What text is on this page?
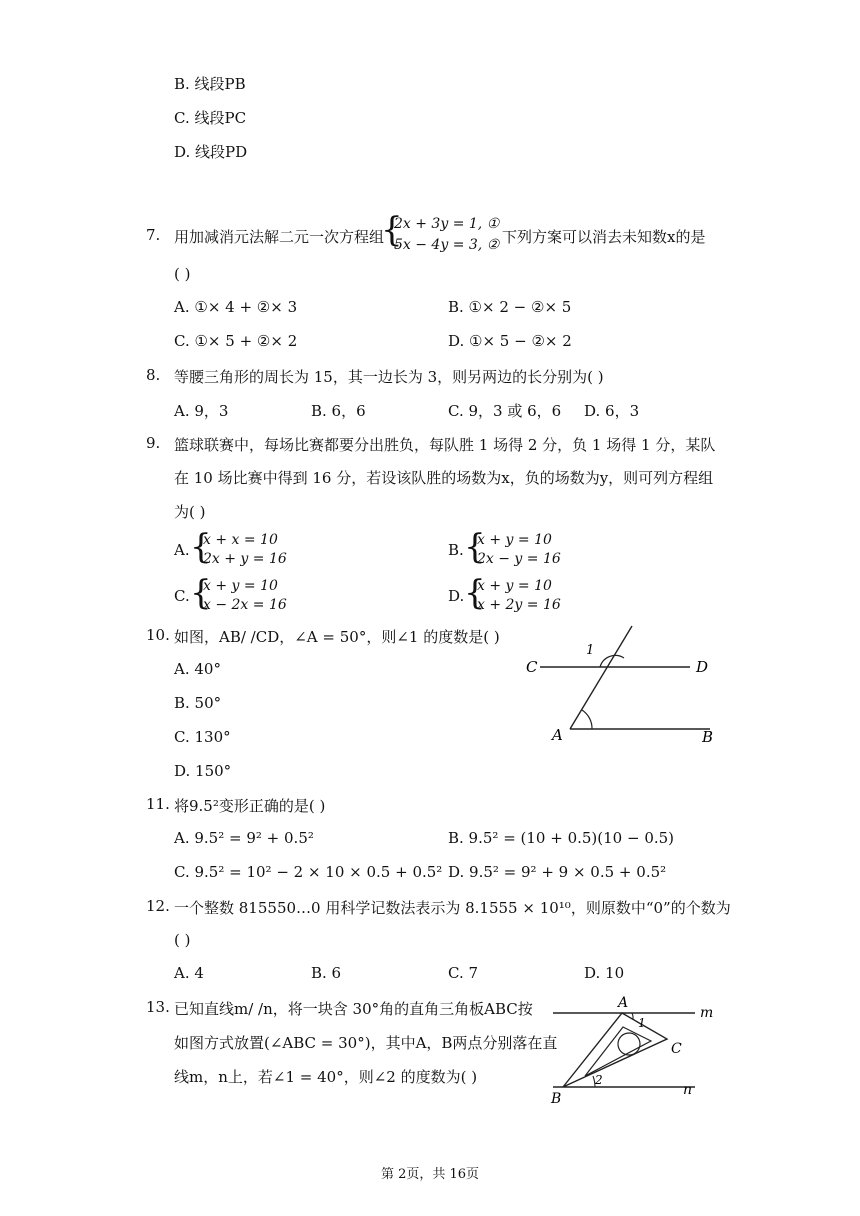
B. 线段PB
C. 线段PC
D. 线段PD
7. 用加减消元法解二元一次方程组
{
2x + 3y = 1, ①
5x − 4y = 3, ② 下列方案可以消去未知数x的是
( )
A. ①× 4 + ②× 3	B. ①× 2 − ②× 5
C. ①× 5 + ②× 2	D. ①× 5 − ②× 2
8. 等腰三角形的周长为 15，其一边长为 3，则另两边的长分别为( )
A. 9，3	B. 6，6	C. 9，3 或 6，6 D. 6，3
9. 篮球联赛中，每场比赛都要分出胜负，每队胜 1 场得 2 分，负 1 场得 1 分，某队
在 10 场比赛中得到 16 分，若设该队胜的场数为x，负的场数为y，则可列方程组
为( )
A. {
x + x = 10
2x + y = 16	B. {
x + y = 10
2x − y = 16
C. {
x + y = 10
x − 2x = 16	D. {
x + y = 10
x + 2y = 16
10. 如图，AB/ /CD，∠A = 50°，则∠1 的度数是( )
A. 40°
B. 50°
C. 130°
D. 150°
C	D
A	B
1
11. 将9.5²变形正确的是( )
A. 9.5² = 9² + 0.5²	B. 9.5² = (10 + 0.5)(10 − 0.5)
C. 9.5² = 10² − 2 × 10 × 0.5 + 0.5² D. 9.5² = 9² + 9 × 0.5 + 0.5²
12. 一个整数 815550…0 用科学记数法表示为 8.1555 × 10¹⁰，则原数中“0”的个数为
( )
A. 4	B. 6	C. 7	D. 10
13. 已知直线m/ /n，将一块含 30°角的直角三角板ABC按
如图方式放置(∠ABC = 30°)，其中A，B两点分别落在直
线m，n上，若∠1 = 40°，则∠2 的度数为( )
A
m
C
B
n
1
2
第 2页，共 16页
